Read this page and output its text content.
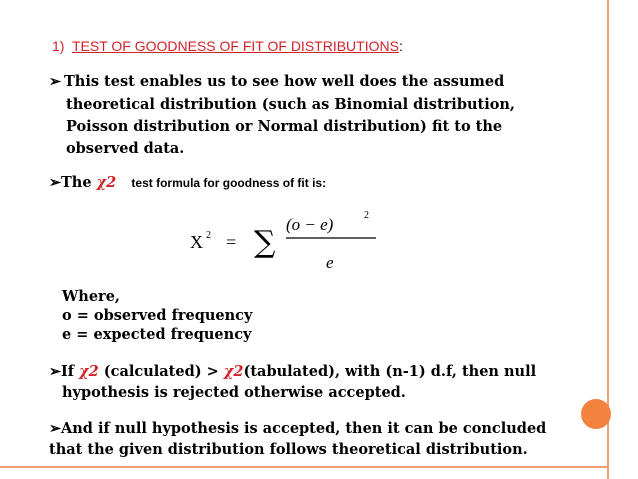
1) TEST OF GOODNESS OF FIT OF DISTRIBUTIONS:
➢ This test enables us to see how well does the assumed
theoretical distribution (such as Binomial distribution,
Poisson distribution or Normal distribution) fit to the
observed data.
➢The χ2 test formula for goodness of fit is:
X 2 = ∑
(o − e)	2
e
Where,
o = observed frequency
e = expected frequency
➢If χ2 (calculated) > χ2(tabulated), with (n-1) d.f, then null
hypothesis is rejected otherwise accepted.
➢And if null hypothesis is accepted, then it can be concluded
that the given distribution follows theoretical distribution.
